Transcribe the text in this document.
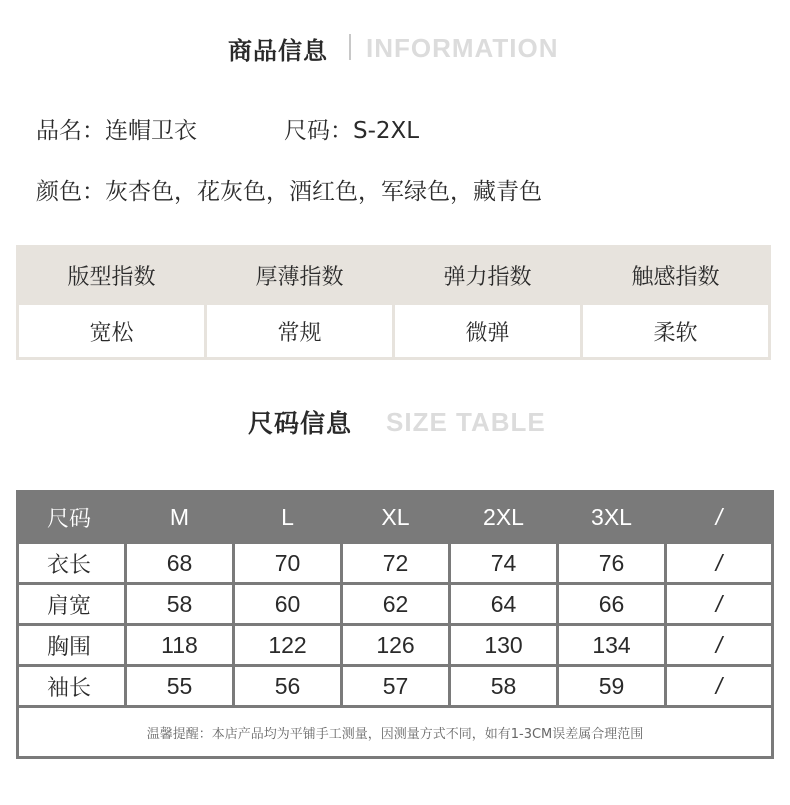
商品信息 INFORMATION
品名：连帽卫衣	尺码：S-2XL
颜色：灰杏色，花灰色，酒红色，军绿色，藏青色
版型指数	厚薄指数	弹力指数	触感指数
宽松	常规	微弹	柔软
尺码信息 SIZE TABLE
尺码	M	L	XL	2XL	3XL	/
衣长	68	70	72	74	76	/
肩宽	58	60	62	64	66	/
胸围	118	122	126	130	134	/
袖长	55	56	57	58	59	/
温馨提醒：本店产品均为平铺手工测量，因测量方式不同，如有1-3CM误差属合理范围						
